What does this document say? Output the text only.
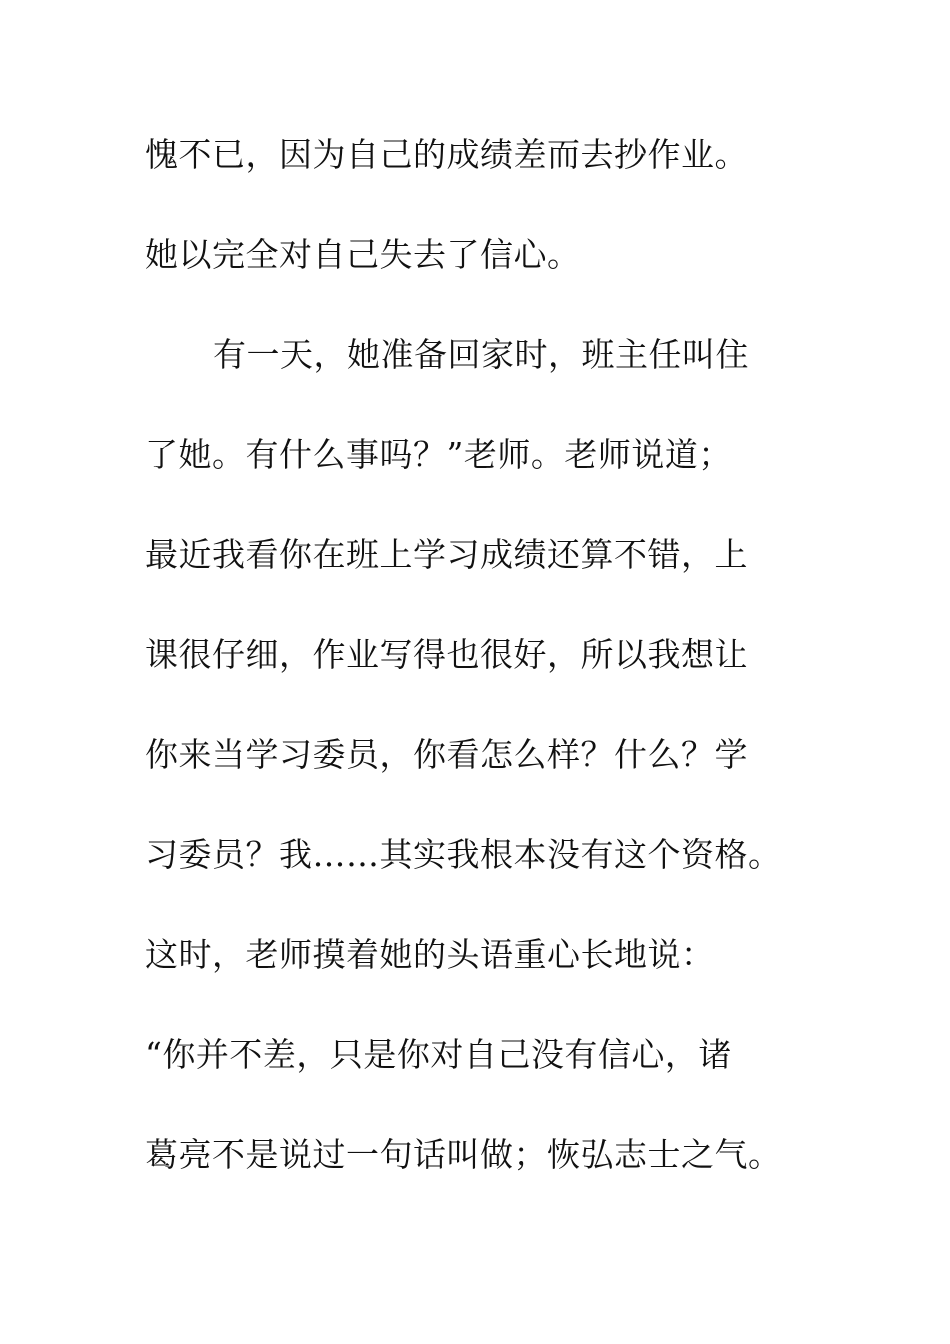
愧不已，因为自己的成绩差而去抄作业。
她以完全对自己失去了信心。
有一天，她准备回家时，班主任叫住
了她。有什么事吗？”老师。老师说道；
最近我看你在班上学习成绩还算不错，上
课很仔细，作业写得也很好，所以我想让
你来当学习委员，你看怎么样？什么？学
习委员？我……其实我根本没有这个资格。
这时，老师摸着她的头语重心长地说：
“你并不差，只是你对自己没有信心，诸
葛亮不是说过一句话叫做；恢弘志士之气。
